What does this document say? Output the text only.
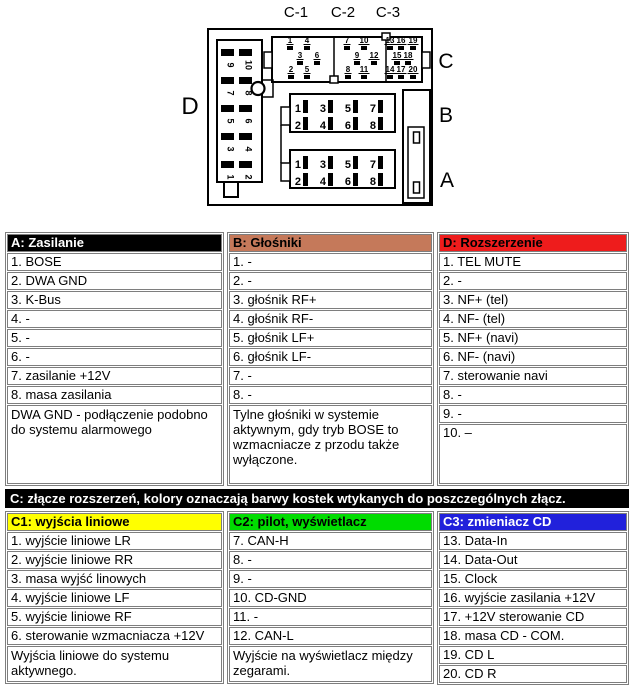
C-1 C-2 C-3
D
C
B
A
1 4
3 6
2 5
7 10
9 12
8 11
13 16 19
15 18
14 17 20
1 3 5 7
2 4 6 8
1 3 5 7
2 4 6 8
9 10
7 8
5 6
3 4
1 2
A: Zasilanie
1. BOSE
2. DWA GND
3. K-Bus
4. -
5. -
6. -
7. zasilanie +12V
8. masa zasilania
DWA GND - podłączenie podobno do systemu alarmowego
B: Głośniki
1. -
2. -
3. głośnik RF+
4. głośnik RF-
5. głośnik LF+
6. głośnik LF-
7. -
8. -
Tylne głośniki w systemie aktywnym, gdy tryb BOSE to wzmacniacze z przodu także wyłączone.
D: Rozszerzenie
1. TEL MUTE
2. -
3. NF+ (tel)
4. NF- (tel)
5. NF+ (navi)
6. NF- (navi)
7. sterowanie navi
8. -
9. -
10. –
C: złącze rozszerzeń, kolory oznaczają barwy kostek wtykanych do poszczególnych złącz.
C1: wyjścia liniowe
1. wyjście liniowe LR
2. wyjście liniowe RR
3. masa wyjść linowych
4. wyjście liniowe LF
5. wyjście liniowe RF
6. sterowanie wzmacniacza +12V
Wyjścia liniowe do systemu aktywnego.
C2: pilot, wyświetlacz
7. CAN-H
8. -
9. -
10. CD-GND
11. -
12. CAN-L
Wyjście na wyświetlacz między zegarami.
C3: zmieniacz CD
13. Data-In
14. Data-Out
15. Clock
16. wyjście zasilania +12V
17. +12V sterowanie CD
18. masa CD - COM.
19. CD L
20. CD R
